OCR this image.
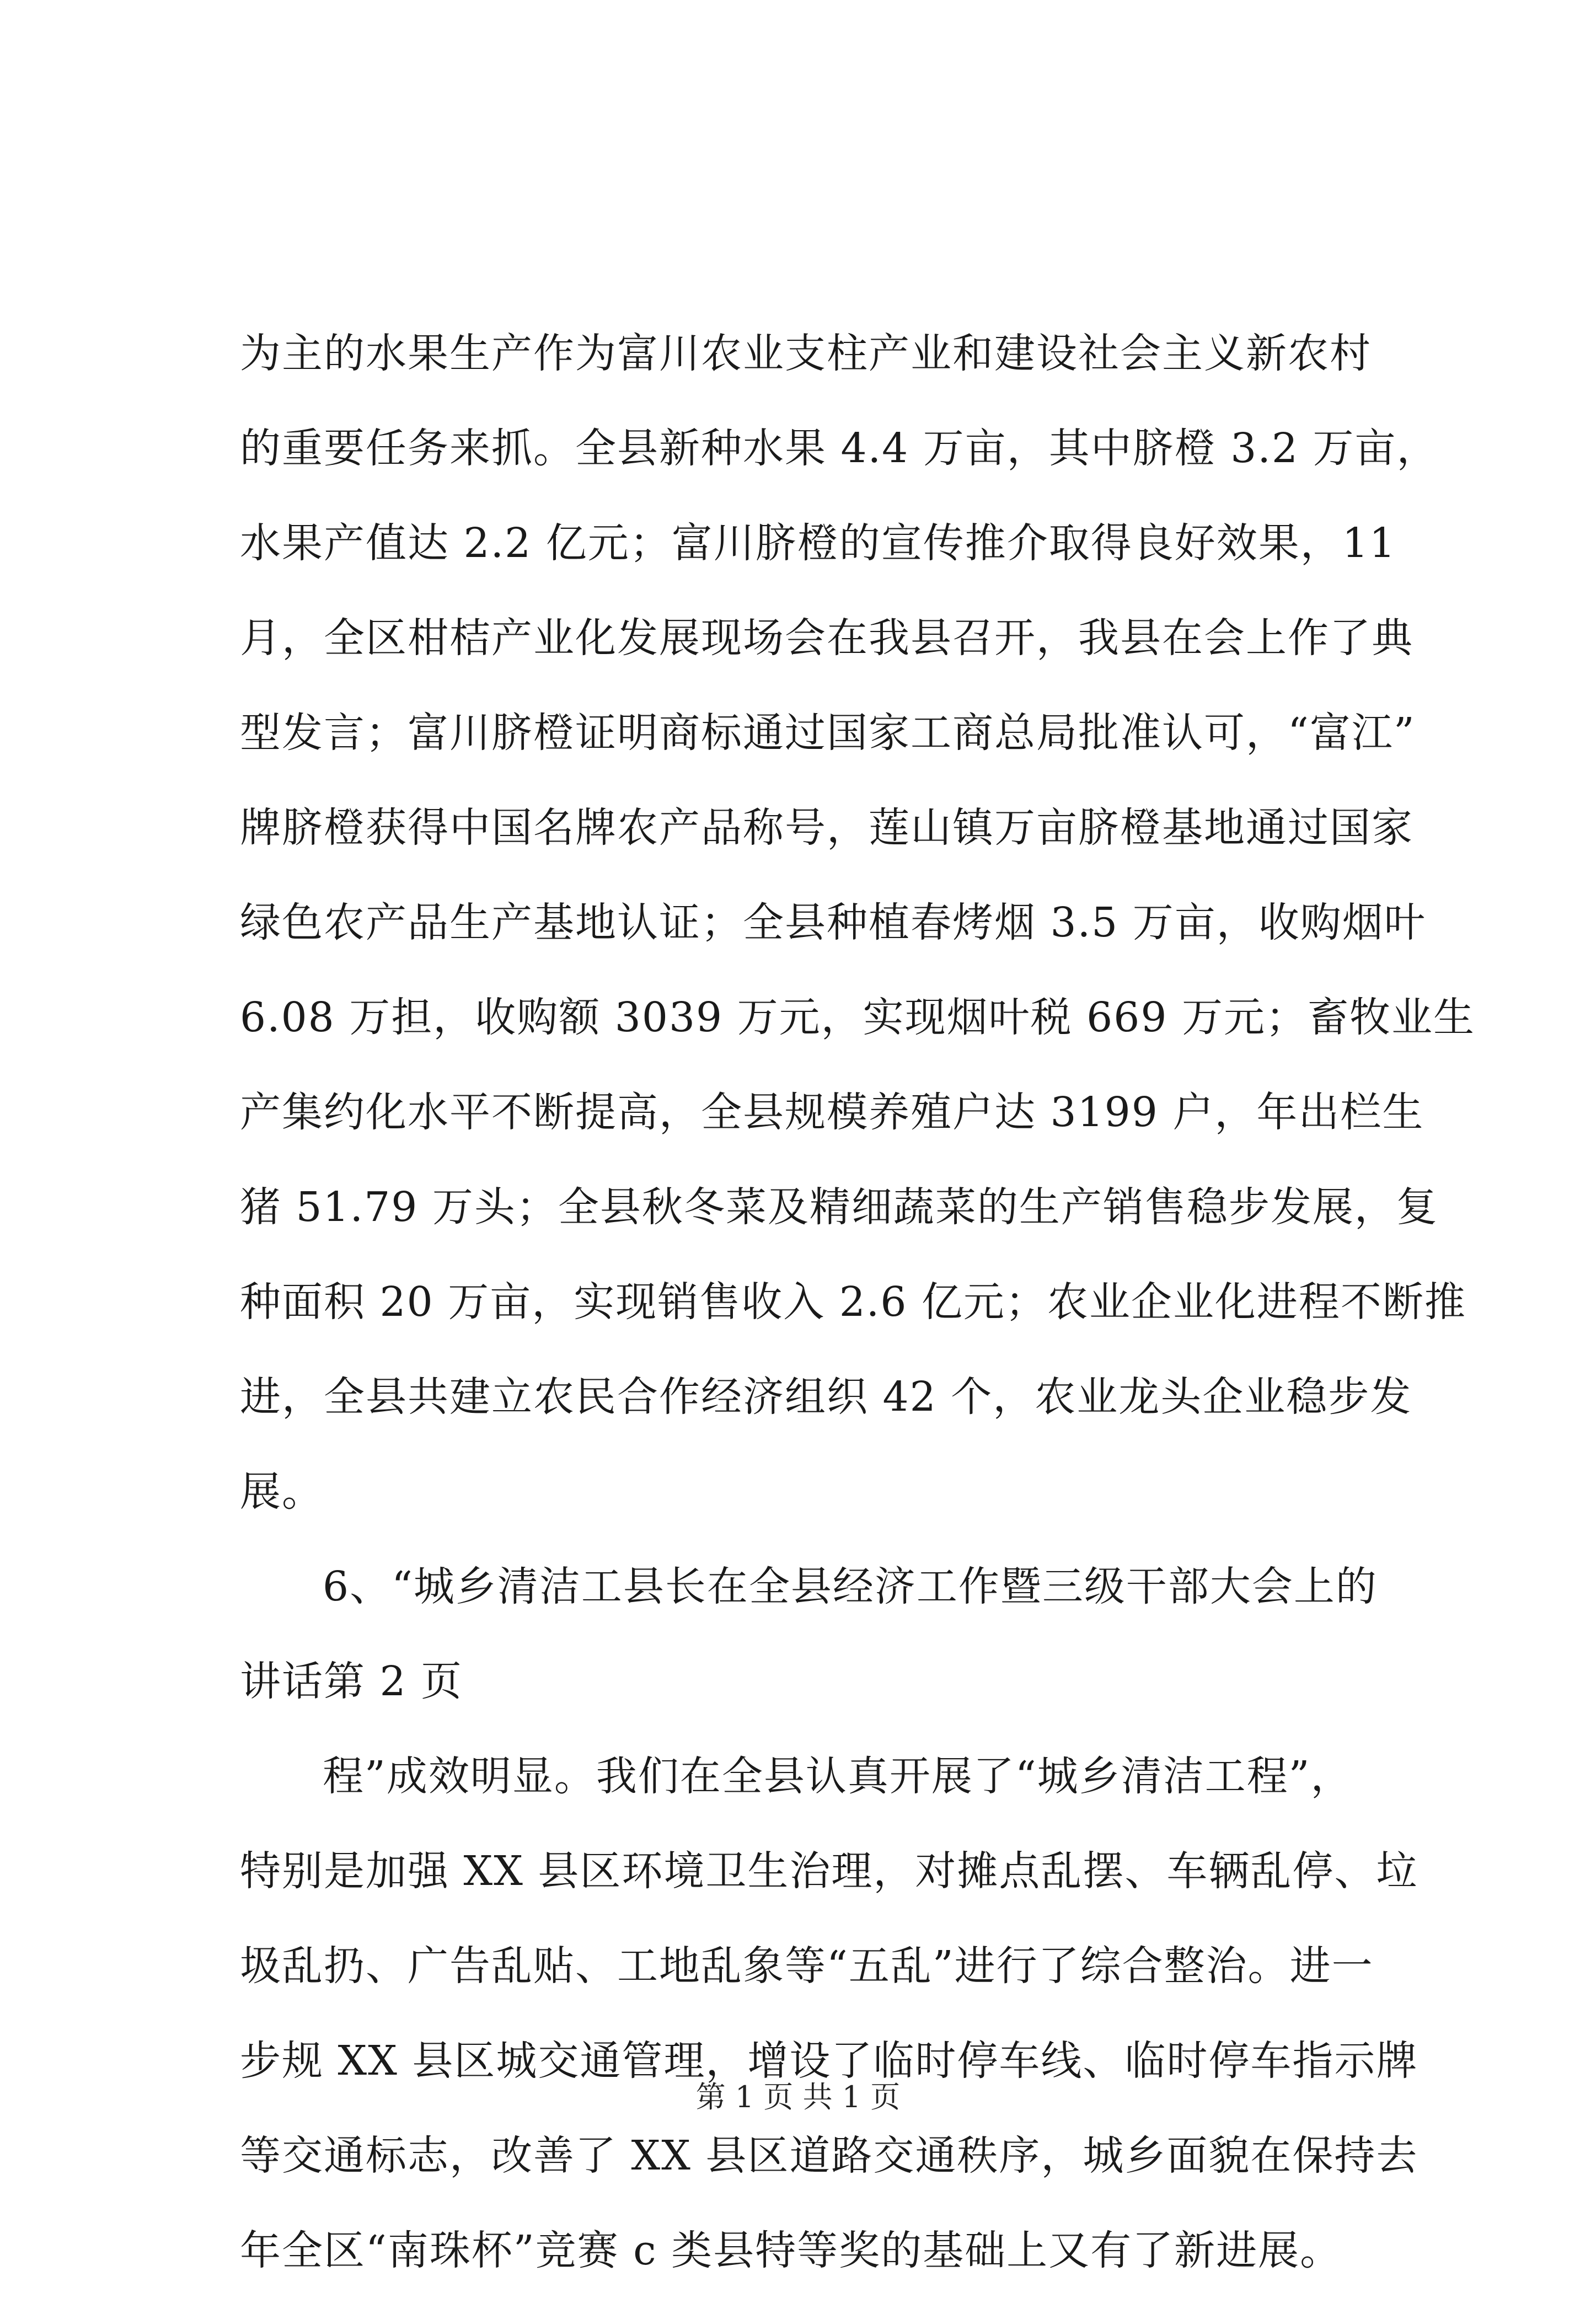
为主的水果生产作为富川农业支柱产业和建设社会主义新农村
的重要任务来抓。全县新种水果 4.4 万亩，其中脐橙 3.2 万亩，
水果产值达 2.2 亿元；富川脐橙的宣传推介取得良好效果，11
月，全区柑桔产业化发展现场会在我县召开，我县在会上作了典
型发言；富川脐橙证明商标通过国家工商总局批准认可，“富江”
牌脐橙获得中国名牌农产品称号，莲山镇万亩脐橙基地通过国家
绿色农产品生产基地认证；全县种植春烤烟 3.5 万亩，收购烟叶
6.08 万担，收购额 3039 万元，实现烟叶税 669 万元；畜牧业生
产集约化水平不断提高，全县规模养殖户达 3199 户，年出栏生
猪 51.79 万头；全县秋冬菜及精细蔬菜的生产销售稳步发展，复
种面积 20 万亩，实现销售收入 2.6 亿元；农业企业化进程不断推
进，全县共建立农民合作经济组织 42 个，农业龙头企业稳步发
展。
6、“城乡清洁工县长在全县经济工作暨三级干部大会上的
讲话第 2 页
程”成效明显。我们在全县认真开展了“城乡清洁工程”，
特别是加强 XX 县区环境卫生治理，对摊点乱摆、车辆乱停、垃
圾乱扔、广告乱贴、工地乱象等“五乱”进行了综合整治。进一
步规 XX 县区城交通管理，增设了临时停车线、临时停车指示牌
等交通标志，改善了 XX 县区道路交通秩序，城乡面貌在保持去
年全区“南珠杯”竞赛 c 类县特等奖的基础上又有了新进展。
第 1 页 共 1 页
